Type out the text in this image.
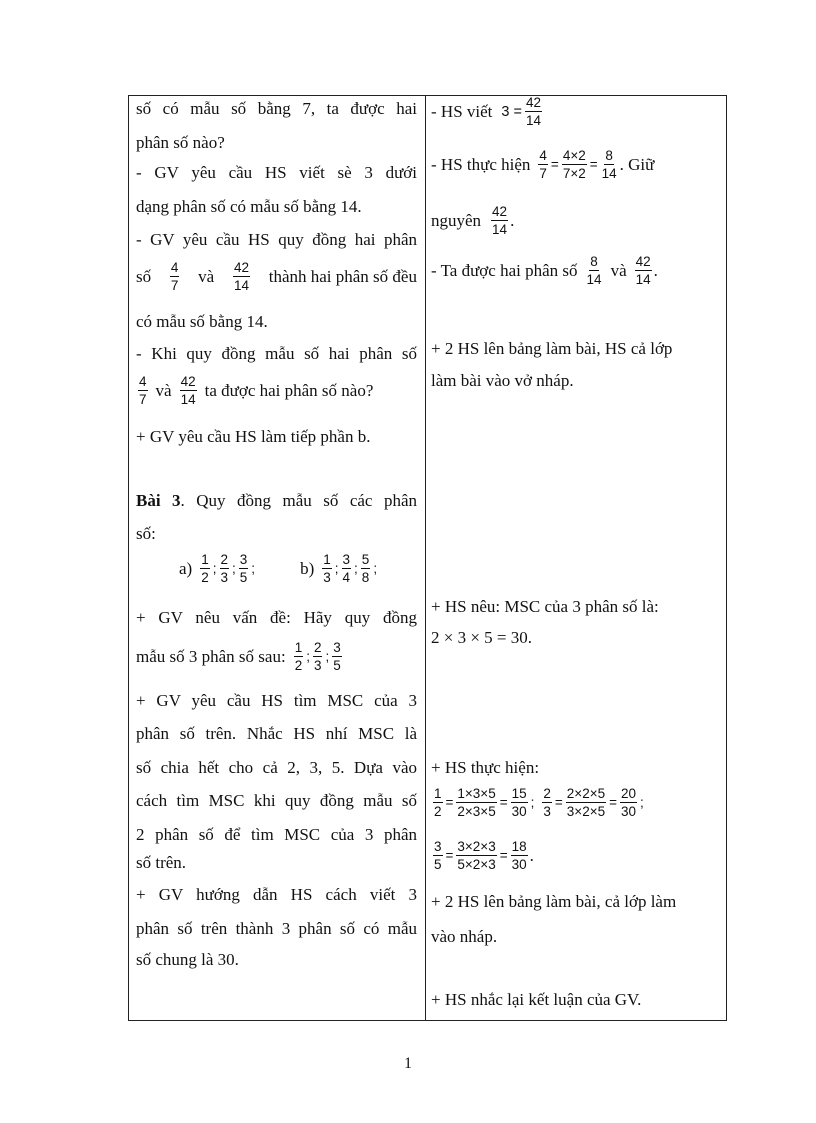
số có mẫu số bằng 7, ta được hai
phân số nào?
- GV yêu cầu HS viết sè 3 dưới
dạng phân số có mẫu số bằng 14.
- GV yêu cầu HS quy đồng hai phân
số $\frac{4}{7}$ và $\frac{42}{14}$ thành hai phân số đều
có mẫu số bằng 14.
- Khi quy đồng mẫu số hai phân số
$\frac{4}{7}$ và $\frac{42}{14}$ ta được hai phân số nào?
+ GV yêu cầu HS làm tiếp phần b.
Bài 3. Quy đồng mẫu số các phân
số:
$a) \frac{1}{2}$ ; $\frac{2}{3}$ ; $\frac{3}{5}$ ;	$b) \frac{1}{3}$ ; $\frac{3}{4}$ ; $\frac{5}{8}$ ;
+ GV nêu vấn đề: Hãy quy đồng
mẫu số 3 phân số sau: $\frac{1}{2}$ ; $\frac{2}{3}$ ; $\frac{3}{5}$
+ GV yêu cầu HS tìm MSC của 3
phân số trên. Nhắc HS nhí MSC là
số chia hết cho cả 2, 3, 5. Dựa vào
cách tìm MSC khi quy đồng mẫu số
2 phân số để tìm MSC của 3 phân
số trên.
+ GV hướng dẫn HS cách viết 3
phân số trên thành 3 phân số có mẫu
số chung là 30.
- HS viết $3 = \frac{42}{14}$
- HS thực hiện $\frac{4}{7} = \frac{4\times 2}{7\times 2} = \frac{8}{14}$ . Giữ
nguyên $\frac{42}{14}$ .
- Ta được hai phân số $\frac{8}{14}$ và $\frac{42}{14}$ .
+ 2 HS lên bảng làm bài, HS cả lớp
làm bài vào vở nháp.
+ HS nêu: MSC của 3 phân số là:
2 × 3 × 5 = 30.
+ HS thực hiện:
$\frac{1}{2} = \frac{1\times 3\times 5}{2\times 3\times 5} = \frac{15}{30}$ ; $\frac{2}{3} = \frac{2\times 2\times 5}{3\times 2\times 5} = \frac{20}{30}$ ;
$\frac{3}{5} = \frac{3\times 2\times 3}{5\times 2\times 3} = \frac{18}{30}$ .
+ 2 HS lên bảng làm bài, cả lớp làm
vào nháp.
+ HS nhắc lại kết luận của GV.
1
